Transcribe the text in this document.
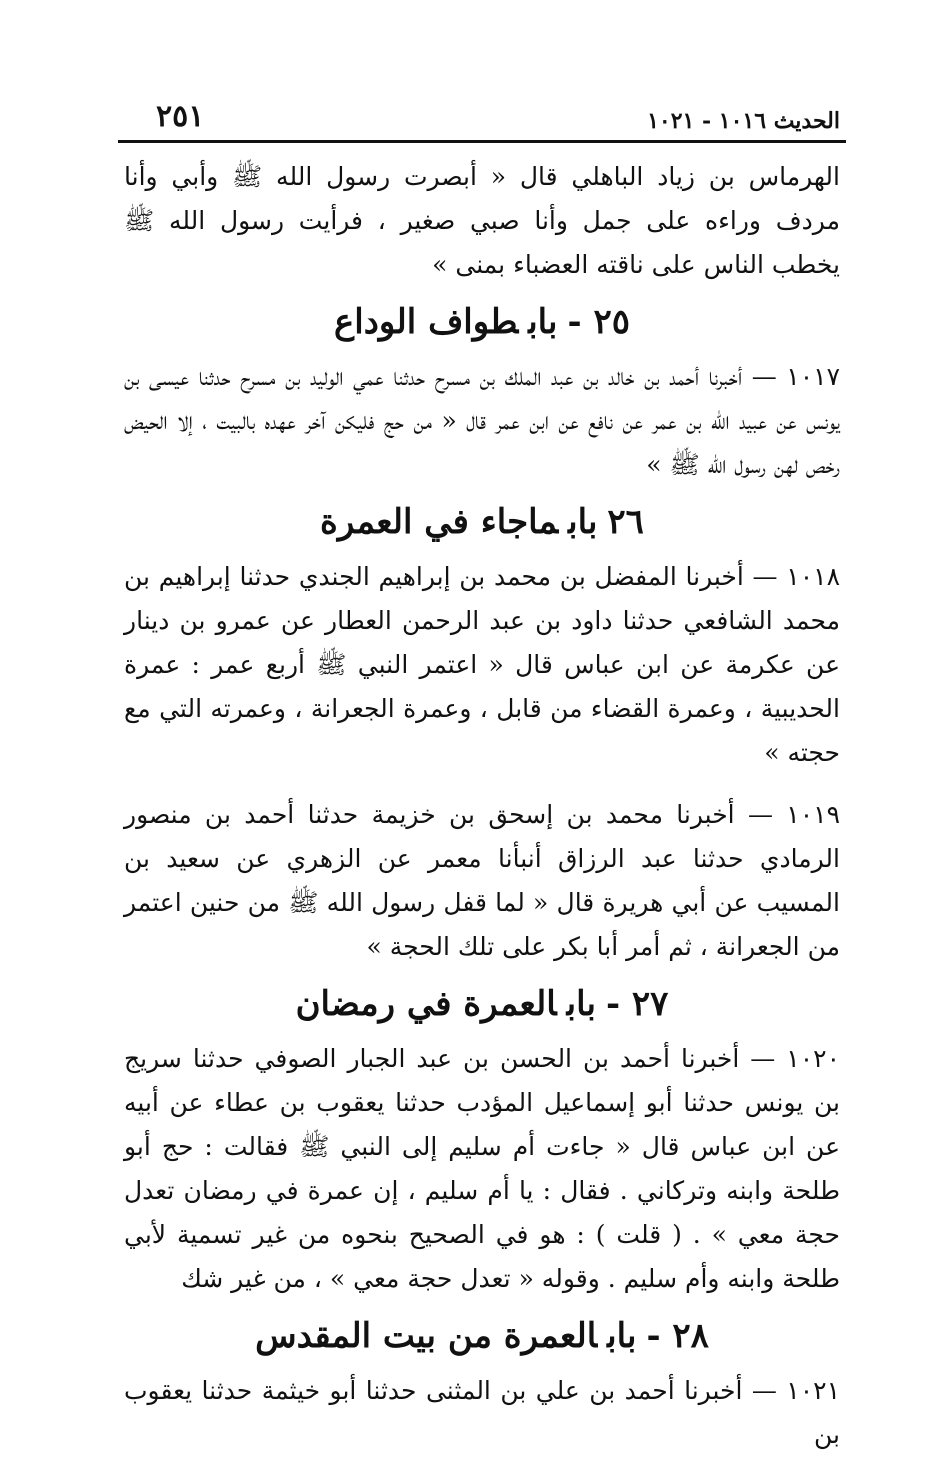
الحديث ١٠١٦ - ١٠٢١
٢٥١

الهرماس بن زياد الباهلي قال « أبصرت رسول الله ﷺ وأبي وأنا مردف وراءه على جمل وأنا صبي صغير ، فرأيت رسول الله ﷺ يخطب الناس على ناقته العضباء بمنى »

٢٥ -بابطواف الوداع

١٠١٧ — أخبرنا أحمد بن خالد بن عبد الملك بن مسرح حدثنا عمي الوليد بن مسرح حدثنا عيسى بن يونس عن عبيد الله بن عمر عن نافع عن ابن عمر قال « من حج فليكن آخر عهده بالبيت ، إلا الحيض رخص لهن رسول الله ﷺ »

٢٦بابماجاء في العمرة

١٠١٨ — أخبرنا المفضل بن محمد بن إبراهيم الجندي حدثنا إبراهيم بن محمد الشافعي حدثنا داود بن عبد الرحمن العطار عن عمرو بن دينار عن عكرمة عن ابن عباس قال « اعتمر النبي ﷺ أربع عمر : عمرة الحديبية ، وعمرة القضاء من قابل ، وعمرة الجعرانة ، وعمرته التي مع حجته »

١٠١٩ — أخبرنا محمد بن إسحق بن خزيمة حدثنا أحمد بن منصور الرمادي حدثنا عبد الرزاق أنبأنا معمر عن الزهري عن سعيد بن المسيب عن أبي هريرة قال « لما قفل رسول الله ﷺ من حنين اعتمر من الجعرانة ، ثم أمر أبا بكر على تلك الحجة »

٢٧ -بابالعمرة في رمضان

١٠٢٠ — أخبرنا أحمد بن الحسن بن عبد الجبار الصوفي حدثنا سريج بن يونس حدثنا أبو إسماعيل المؤدب حدثنا يعقوب بن عطاء عن أبيه عن ابن عباس قال « جاءت أم سليم إلى النبي ﷺ فقالت : حج أبو طلحة وابنه وتركاني . فقال : يا أم سليم ، إن عمرة في رمضان تعدل حجة معي » . ( قلت ) : هو في الصحيح بنحوه من غير تسمية لأبي طلحة وابنه وأم سليم . وقوله « تعدل حجة معي » ، من غير شك

٢٨ -بابالعمرة من بيت المقدس

١٠٢١ — أخبرنا أحمد بن علي بن المثنى حدثنا أبو خيثمة حدثنا يعقوب بن
